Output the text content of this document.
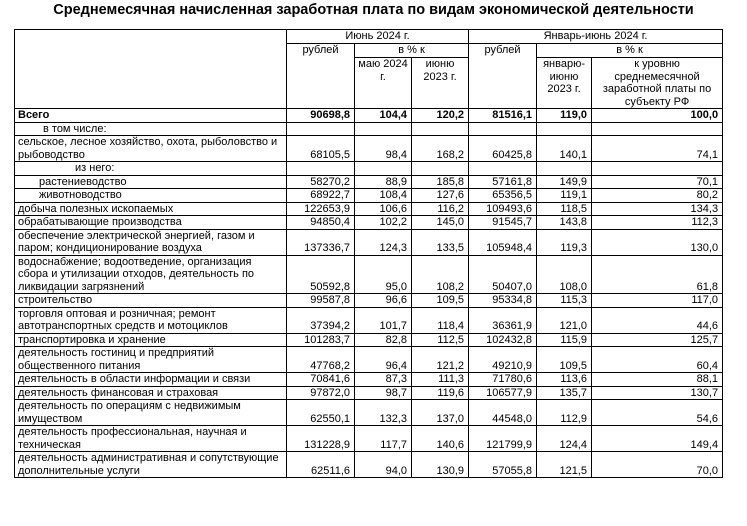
Среднемесячная начисленная заработная плата по видам экономической деятельности
	Июнь 2024 г.			Январь-июнь 2024 г.		
	рублей	в % к		рублей	в % к	
		маю 2024 г.	июню 2023 г.		январю-июню 2023 г.	к уровню среднемесячной заработной платы по субъекту РФ
Всего	90698,8	104,4	120,2	81516,1	119,0	100,0
в том числе:						
сельское, лесное хозяйство, охота, рыболовство и рыбоводство	68105,5	98,4	168,2	60425,8	140,1	74,1
из него:						
растениеводство	58270,2	88,9	185,8	57161,8	149,9	70,1
животноводство	68922,7	108,4	127,6	65356,5	119,1	80,2
добыча полезных ископаемых	122653,9	106,6	116,2	109493,6	118,5	134,3
обрабатывающие производства	94850,4	102,2	145,0	91545,7	143,8	112,3
обеспечение электрической энергией, газом и паром; кондиционирование воздуха	137336,7	124,3	133,5	105948,4	119,3	130,0
водоснабжение; водоотведение, организация сбора и утилизации отходов, деятельность по ликвидации загрязнений	50592,8	95,0	108,2	50407,0	108,0	61,8
строительство	99587,8	96,6	109,5	95334,8	115,3	117,0
торговля оптовая и розничная; ремонт автотранспортных средств и мотоциклов	37394,2	101,7	118,4	36361,9	121,0	44,6
транспортировка и хранение	101283,7	82,8	112,5	102432,8	115,9	125,7
деятельность гостиниц и предприятий общественного питания	47768,2	96,4	121,2	49210,9	109,5	60,4
деятельность в области информации и связи	70841,6	87,3	111,3	71780,6	113,6	88,1
деятельность финансовая и страховая	97872,0	98,7	119,6	106577,9	135,7	130,7
деятельность по операциям с недвижимым имуществом	62550,1	132,3	137,0	44548,0	112,9	54,6
деятельность профессиональная, научная и техническая	131228,9	117,7	140,6	121799,9	124,4	149,4
деятельность административная и сопутствующие дополнительные услуги	62511,6	94,0	130,9	57055,8	121,5	70,0
